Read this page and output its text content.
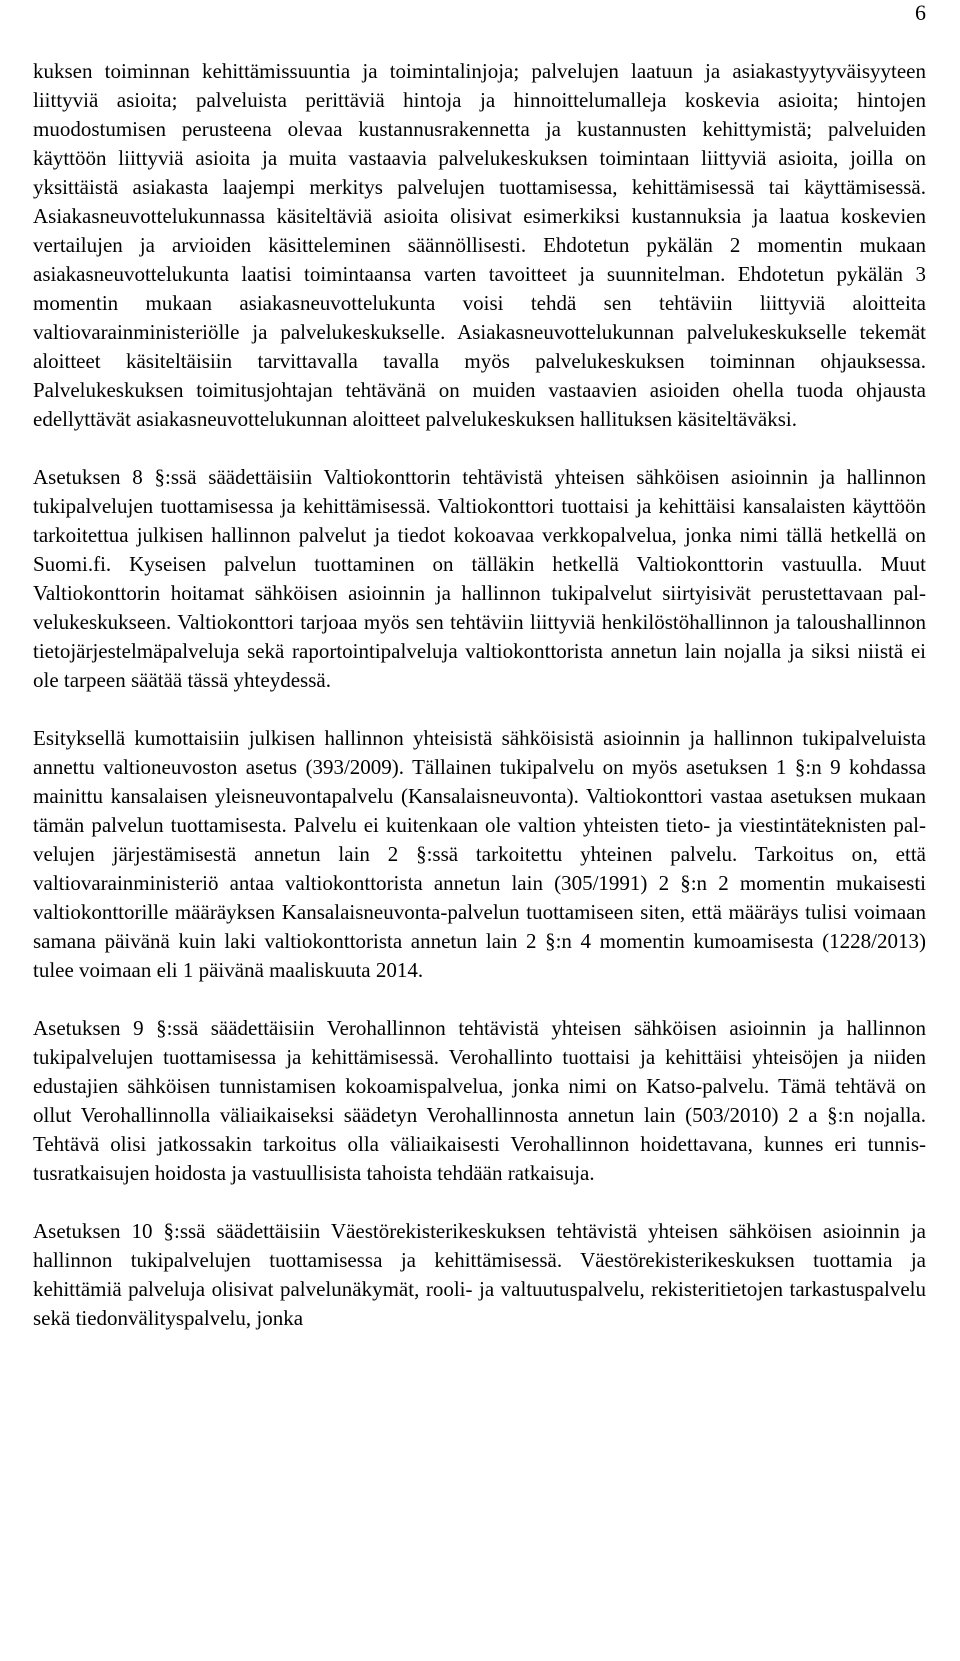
6

kuksen toiminnan kehittämissuuntia ja toimintalinjoja; palvelujen laatuun ja asiakastyytyväisyyteen liittyviä asioita; palveluista perittäviä hintoja ja hinnoittelumalleja koskevia asioita; hintojen muodostumisen perusteena olevaa kustannusrakennetta ja kustannusten kehittymistä; palveluiden käyttöön liittyviä asioita ja muita vastaavia palvelukeskuksen toimintaan liittyviä asioita, joilla on yksittäistä asiakasta laajempi merkitys palvelujen tuottamisessa, kehittämisessä tai käyttämisessä. Asiakasneuvottelukunnassa käsiteltäviä asioita olisivat esimerkiksi kustannuksia ja laatua koskevien vertailujen ja arvioiden käsitteleminen säännöllisesti. Ehdotetun pykälän 2 momentin mukaan asiakasneuvottelukunta laatisi toimintaansa varten tavoitteet ja suunnitelman. Ehdotetun pykälän 3 momentin mukaan asiakasneuvottelukunta voisi tehdä sen tehtäviin liittyviä aloitteita valtiovarainministeriölle ja palvelukeskukselle. Asiakasneuvottelukunnan palvelukeskukselle tekemät aloitteet käsiteltäisiin tarvittavalla tavalla myös palvelukeskuksen toiminnan ohjauksessa. Palvelukeskuksen toimitusjohtajan tehtävänä on muiden vastaavien asioiden ohella tuoda ohjausta edellyttävät asiakasneuvottelukunnan aloitteet palvelukeskuksen hallituksen käsiteltäväksi.

Asetuksen 8 §:ssä säädettäisiin Valtiokonttorin tehtävistä yhteisen sähköisen asioinnin ja hallinnon tukipalvelujen tuottamisessa ja kehittämisessä. Valtiokonttori tuottaisi ja kehittäisi kansalaisten käyttöön tarkoitettua julkisen hallinnon palvelut ja tiedot kokoavaa verkkopalvelua, jonka nimi tällä hetkellä on Suomi.fi. Kyseisen palvelun tuottaminen on tälläkin hetkellä Valtiokonttorin vastuulla. Muut Valtiokonttorin hoitamat sähköisen asioinnin ja hallinnon tukipalvelut siirtyisivät perustettavaan palvelukeskukseen. Valtiokonttori tarjoaa myös sen tehtäviin liittyviä henkilöstöhallinnon ja taloushallinnon tietojärjestelmäpalveluja sekä raportointipalveluja valtiokonttorista annetun lain nojalla ja siksi niistä ei ole tarpeen säätää tässä yhteydessä.

Esityksellä kumottaisiin julkisen hallinnon yhteisistä sähköisistä asioinnin ja hallinnon tukipalveluista annettu valtioneuvoston asetus (393/2009). Tällainen tukipalvelu on myös asetuksen 1 §:n 9 kohdassa mainittu kansalaisen yleisneuvontapalvelu (Kansalaisneuvonta). Valtiokonttori vastaa asetuksen mukaan tämän palvelun tuottamisesta. Palvelu ei kuitenkaan ole valtion yhteisten tieto- ja viestintäteknisten palvelujen järjestämisestä annetun lain 2 §:ssä tarkoitettu yhteinen palvelu. Tarkoitus on, että valtiovarainministeriö antaa valtiokonttorista annetun lain (305/1991) 2 §:n 2 momentin mukaisesti valtiokonttorille määräyksen Kansalaisneuvonta-palvelun tuottamiseen siten, että määräys tulisi voimaan samana päivänä kuin laki valtiokonttorista annetun lain 2 §:n 4 momentin kumoamisesta (1228/2013) tulee voimaan eli 1 päivänä maaliskuuta 2014.

Asetuksen 9 §:ssä säädettäisiin Verohallinnon tehtävistä yhteisen sähköisen asioinnin ja hallinnon tukipalvelujen tuottamisessa ja kehittämisessä. Verohallinto tuottaisi ja kehittäisi yhteisöjen ja niiden edustajien sähköisen tunnistamisen kokoamispalvelua, jonka nimi on Katso-palvelu. Tämä tehtävä on ollut Verohallinnolla väliaikaiseksi säädetyn Verohallinnosta annetun lain (503/2010) 2 a §:n nojalla. Tehtävä olisi jatkossakin tarkoitus olla väliaikaisesti Verohallinnon hoidettavana, kunnes eri tunnistusratkaisujen hoidosta ja vastuullisista tahoista tehdään ratkaisuja.

Asetuksen 10 §:ssä säädettäisiin Väestörekisterikeskuksen tehtävistä yhteisen sähköisen asioinnin ja hallinnon tukipalvelujen tuottamisessa ja kehittämisessä. Väestörekisterikeskuksen tuottamia ja kehittämiä palveluja olisivat palvelunäkymät, rooli- ja valtuutuspalvelu, rekisteritietojen tarkastuspalvelu sekä tiedonvälityspalvelu, jonka
